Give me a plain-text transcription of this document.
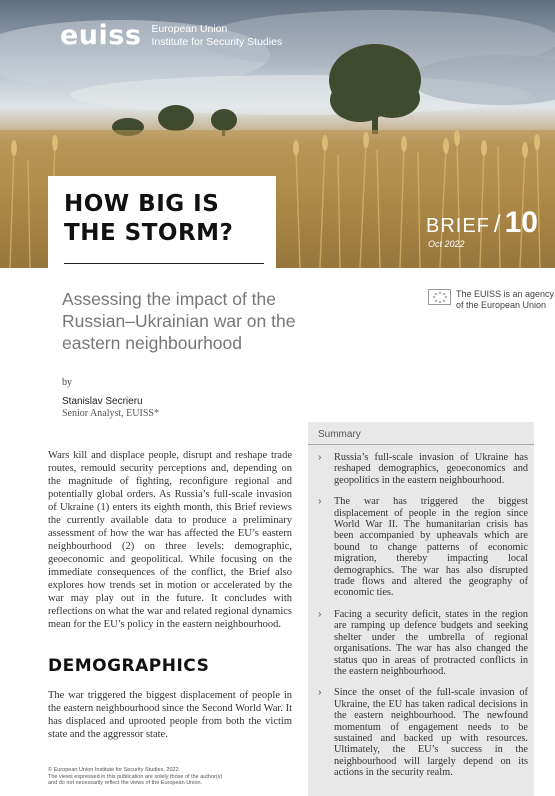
euiss European Union
Institute for Security Studies
BRIEF / 10
Oct 2022
HOW BIG IS
THE STORM?
Assessing the impact of the Russian–Ukrainian war on the eastern neighbourhood
The EUISS is an agency
of the European Union
by
Stanislav Secrieru
Senior Analyst, EUISS*

Wars kill and displace people, disrupt and reshape trade routes, remould security perceptions and, depending on the magnitude of fighting, reconfigure regional and potentially global orders. As Russia’s full-scale invasion of Ukraine (1) enters its eighth month, this Brief reviews the currently available data to produce a preliminary assessment of how the war has affected the EU’s eastern neighbourhood (2) on three levels: demographic, geoeconomic and geopolitical. While focusing on the immediate consequences of the conflict, the Brief also explores how trends set in motion or accelerated by the war may play out in the future. It concludes with reflections on what the war and related regional dynamics mean for the EU’s policy in the eastern neighbourhood.

DEMOGRAPHICS

The war triggered the biggest displacement of people in the eastern neighbourhood since the Second World War. It has displaced and uprooted people from both the victim state and the aggressor state.

© European Union Institute for Security Studies, 2022.
The views expressed in this publication are solely those of the author(s)
and do not necessarily reflect the views of the European Union.
Summary
›	Russia’s full-scale invasion of Ukraine has reshaped demographics, geoeconomics and geopolitics in the eastern neighbourhood.
›	The war has triggered the biggest displacement of people in the region since World War II. The humanitarian crisis has been accompanied by upheavals which are bound to change patterns of economic migration, thereby impacting local demographics. The war has also disrupted trade flows and altered the geography of economic ties.
›	Facing a security deficit, states in the region are ramping up defence budgets and seeking shelter under the umbrella of regional organisations. The war has also changed the status quo in areas of protracted conflicts in the eastern neighbourhood.
›	Since the onset of the full-scale invasion of Ukraine, the EU has taken radical decisions in the eastern neighbourhood. The newfound momentum of engagement needs to be sustained and backed up with resources. Ultimately, the EU’s success in the neighbourhood will largely depend on its actions in the security realm.
